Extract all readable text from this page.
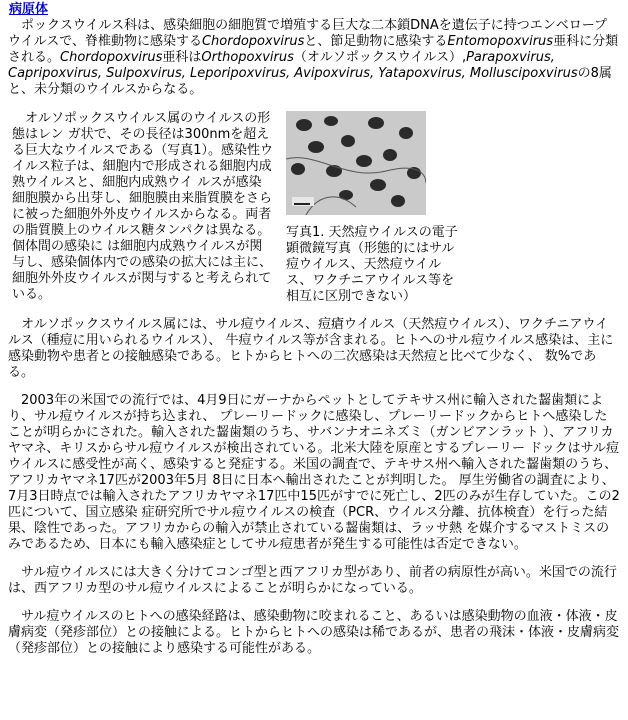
病原体

ポックスウイルス科は、感染細胞の細胞質で増殖する巨大な二本鎖DNAを遺伝子に持つエンベロープウイルスで、脊椎動物に感染するChordopoxvirusと、節足動物に感染するEntomopoxvirus亜科に分類される。Chordopoxvirus亜科はOrthopoxvirus（オルソポックスウイルス）,Parapoxvirus, Capripoxvirus, Sulpoxvirus, Leporipoxvirus, Avipoxvirus, Yatapoxvirus, Molluscipoxvirusの8属と、未分類のウイルスからなる。

オルソポックスウイルス属のウイルスの形態はレン ガ状で、その長径は300nmを超える巨大なウイルスである（写真1）。感染性ウイルス粒子は、細胞内で形成される細胞内成熟ウイルスと、細胞内成熟ウイ ルスが感染細胞膜から出芽し、細胞膜由来脂質膜をさらに被った細胞外外皮ウイルスからなる。両者の脂質膜上のウイルス糖タンパクは異なる。個体間の感染に は細胞内成熟ウイルスが関与し、感染個体内での感染の拡大には主に、細胞外外皮ウイルスが関与すると考えられている。

写真1. 天然痘ウイルスの電子顕微鏡写真（形態的にはサル痘ウイルス、天然痘ウイルス、ワクチニアウイルス等を相互に区別できない）

オルソポックスウイルス属には、サル痘ウイルス、痘瘡ウイルス（天然痘ウイルス）、ワクチニアウイルス（種痘に用いられるウイルス）、 牛痘ウイルス等が含まれる。ヒトへのサル痘ウイルス感染は、主に感染動物や患者との接触感染である。ヒトからヒトへの二次感染は天然痘と比べて少なく、 数%である。

2003年の米国での流行では、4月9日にガーナからペットとしてテキサス州に輸入された齧歯類により、サル痘ウイルスが持ち込まれ、 プレーリードックに感染し、プレーリードックからヒトへ感染したことが明らかにされた。輸入された齧歯類のうち、サバンナオニネズミ（ガンビアンラット ）、アフリカヤマネ、キリスからサル痘ウイルスが検出されている。北米大陸を原産とするプレーリー ドックはサル痘ウイルスに感受性が高く、感染すると発症する。米国の調査で、テキサス州へ輸入された齧歯類のうち、アフリカヤマネ17匹が2003年5月 8日に日本へ輸出されたことが判明した。 厚生労働省の調査により、7月3日時点では輸入されたアフリカヤマネ17匹中15匹がすでに死亡し、2匹のみが生存していた。この2匹について、国立感染 症研究所でサル痘ウイルスの検査（PCR、ウイルス分離、抗体検査）を行った結果、陰性であった。アフリカからの輸入が禁止されている齧歯類は、ラッサ熱 を媒介するマストミスのみであるため、日本にも輸入感染症としてサル痘患者が発生する可能性は否定できない。

サル痘ウイルスには大きく分けてコンゴ型と西アフリカ型があり、前者の病原性が高い。米国での流行は、西アフリカ型のサル痘ウイルスによることが明らかになっている。

サル痘ウイルスのヒトへの感染経路は、感染動物に咬まれること、あるいは感染動物の血液・体液・皮膚病変（発疹部位）との接触による。ヒトからヒトへの感染は稀であるが、患者の飛沫・体液・皮膚病変（発疹部位）との接触により感染する可能性がある。
